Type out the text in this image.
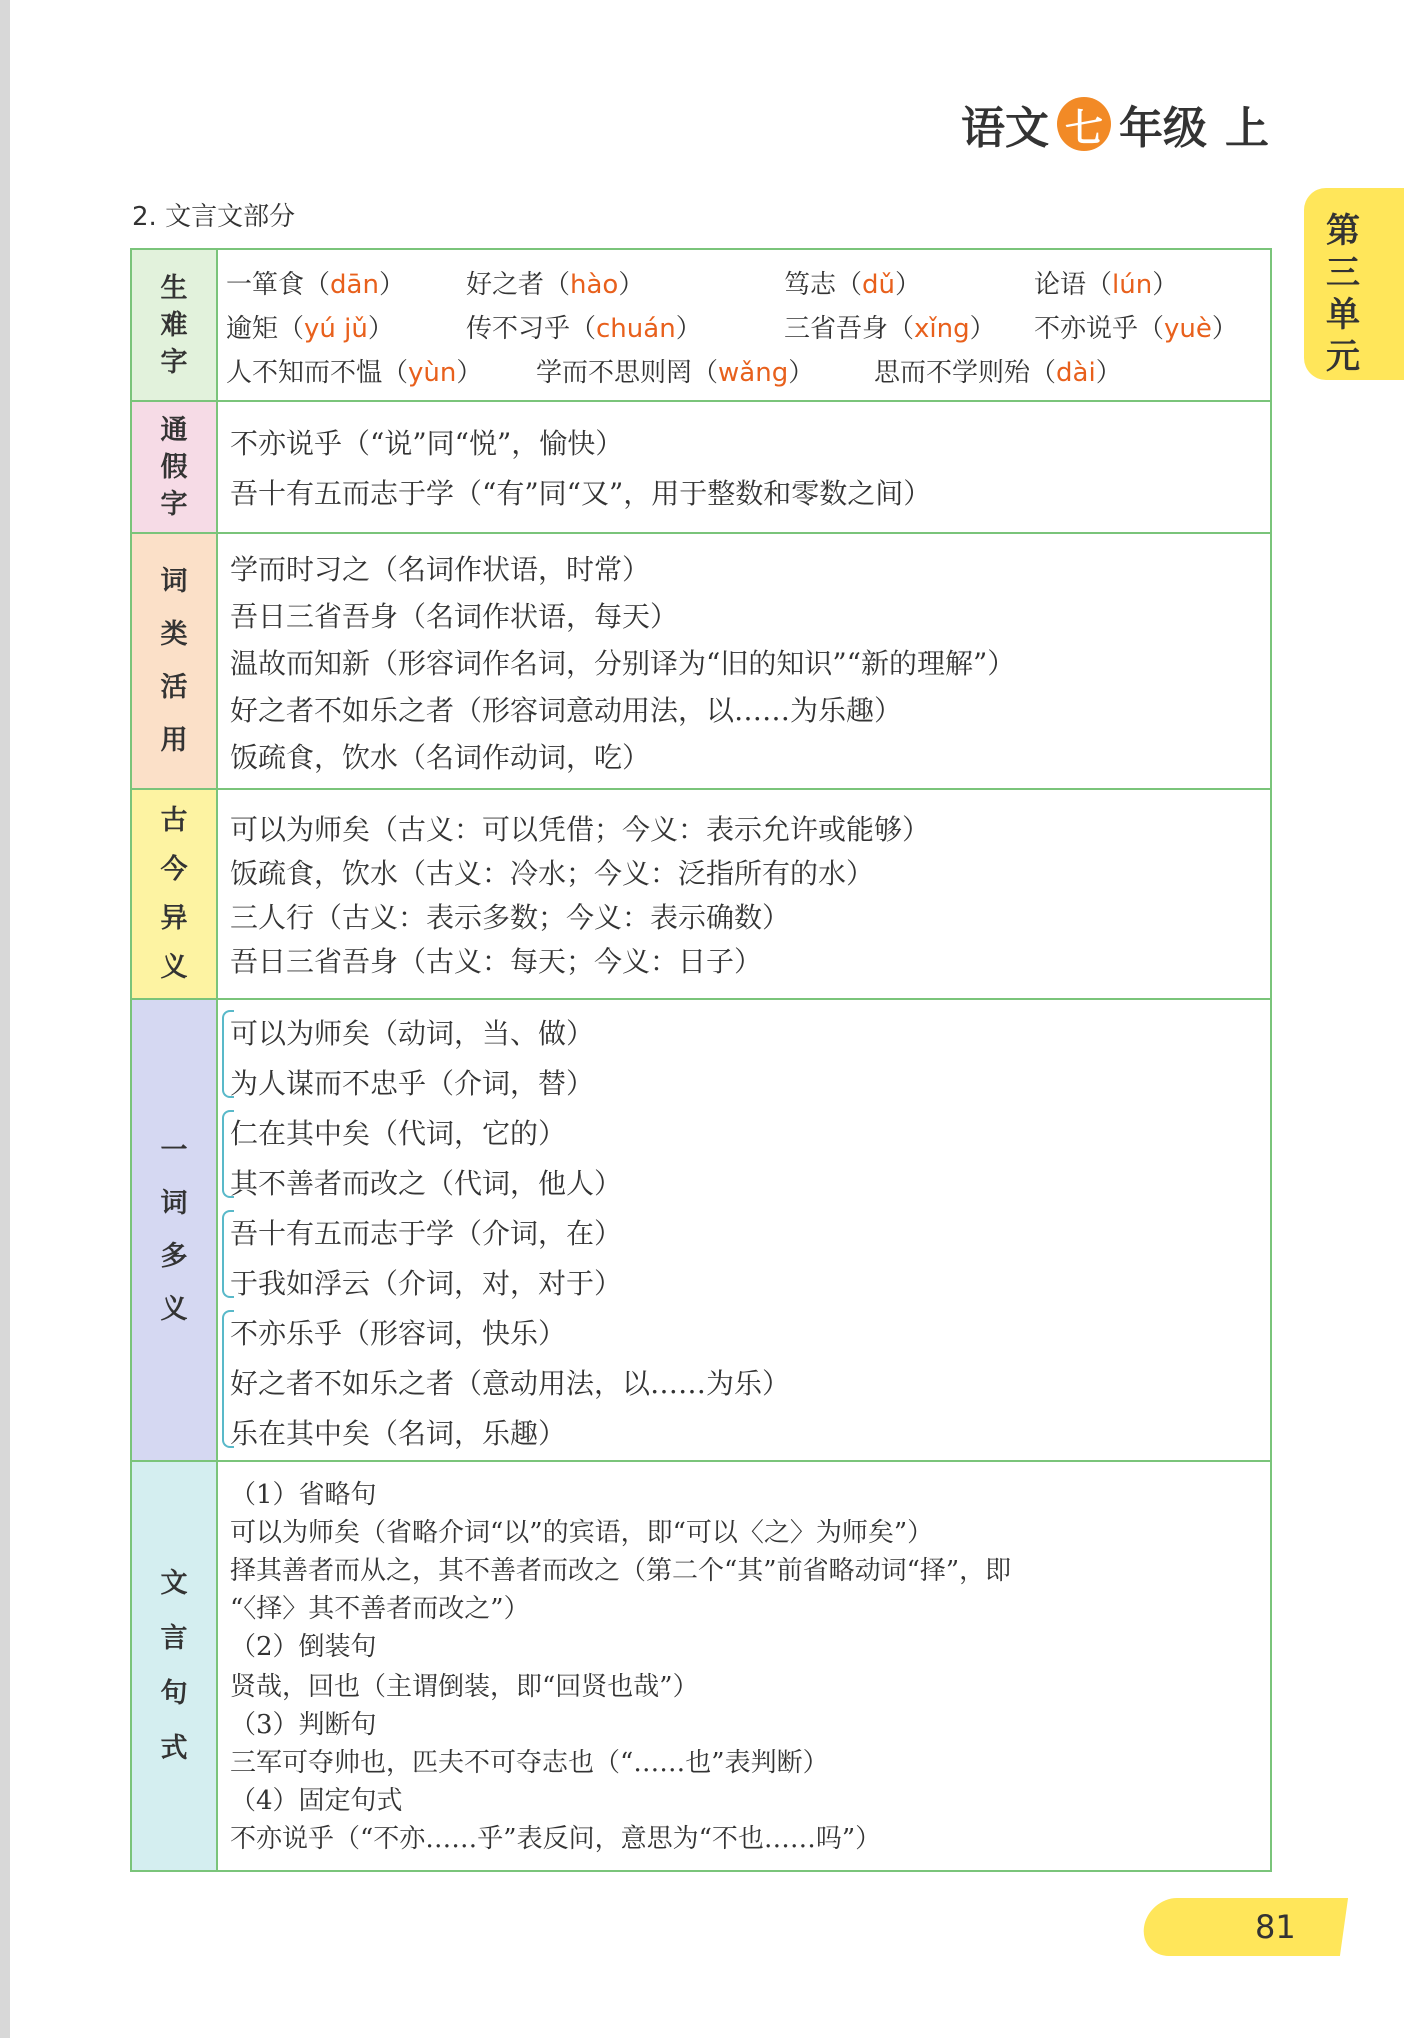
语文 七 年级 上
第三单元
2. 文言文部分
生
难
字
一箪食（dān） 好之者（hào）	笃志（dǔ）	论语（lún）
逾矩（yú jǔ）	传不习乎（chuán）	三省吾身（xǐng） 不亦说乎（yuè）
人不知而不愠（yùn） 学而不思则罔（wǎng） 思而不学则殆（dài）
通
假
字
不亦说乎（“说”同“悦”，愉快）
吾十有五而志于学（“有”同“又”，用于整数和零数之间）
词
类
活
用
学而时习之（名词作状语，时常）
吾日三省吾身（名词作状语，每天）
温故而知新（形容词作名词，分别译为“旧的知识”“新的理解”）
好之者不如乐之者（形容词意动用法，以……为乐趣）
饭疏食，饮水（名词作动词，吃）
古
今
异
义
可以为师矣（古义：可以凭借；今义：表示允许或能够）
饭疏食，饮水（古义：冷水；今义：泛指所有的水）
三人行（古义：表示多数；今义：表示确数）
吾日三省吾身（古义：每天；今义：日子）
一
词
多
义
可以为师矣（动词，当、做）
为人谋而不忠乎（介词，替）
仁在其中矣（代词，它的）
其不善者而改之（代词，他人）
吾十有五而志于学（介词，在）
于我如浮云（介词，对，对于）
不亦乐乎（形容词，快乐）
好之者不如乐之者（意动用法，以……为乐）
乐在其中矣（名词，乐趣）
文
言
句
式
（1）省略句
可以为师矣（省略介词“以”的宾语，即“可以〈之〉为师矣”）
择其善者而从之，其不善者而改之（第二个“其”前省略动词“择”，即
“〈择〉其不善者而改之”）
（2）倒装句
贤哉，回也（主谓倒装，即“回贤也哉”）
（3）判断句
三军可夺帅也，匹夫不可夺志也（“……也”表判断）
（4）固定句式
不亦说乎（“不亦……乎”表反问，意思为“不也……吗”）
81
